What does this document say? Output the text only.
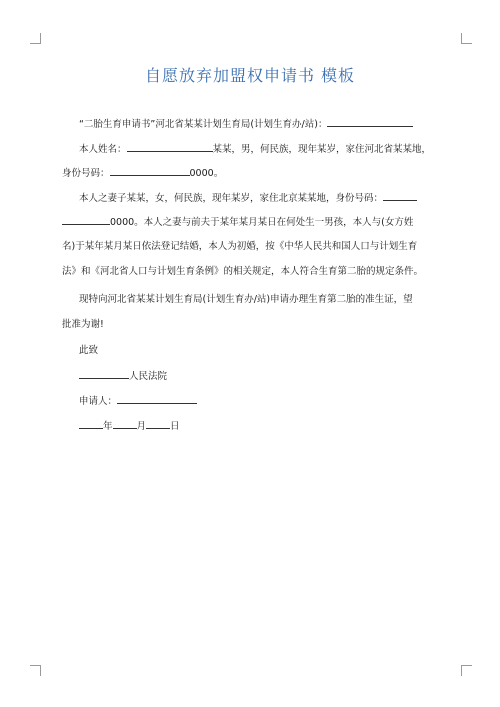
自愿放弃加盟权申请书 模板
“二胎生育申请书”河北省某某计划生育局(计划生育办/站)：
本人姓名：	某某，男，何民族，现年某岁，家住河北省某某地，
身份号码：	0000。
本人之妻子某某，女，何民族，现年某岁，家住北京某某地，身份号码：
0000。本人之妻与前夫于某年某月某日在何处生一男孩，本人与(女方姓
名)于某年某月某日依法登记结婚，本人为初婚，按《中华人民共和国人口与计划生育
法》和《河北省人口与计划生育条例》的相关规定，本人符合生育第二胎的规定条件。
现特向河北省某某计划生育局(计划生育办/站)申请办理生育第二胎的准生证，望
批准为谢!
此致
人民法院
申请人：
年	月	日
